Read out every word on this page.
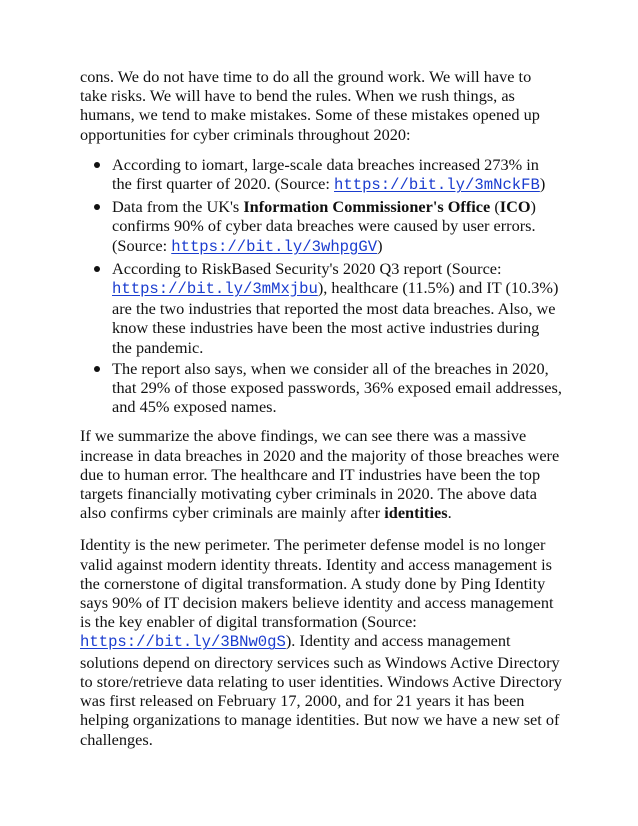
cons. We do not have time to do all the ground work. We will have to take risks. We will have to bend the rules. When we rush things, as humans, we tend to make mistakes. Some of these mistakes opened up opportunities for cyber criminals throughout 2020:

According to iomart, large-scale data breaches increased 273% in the first quarter of 2020. (Source: https://bit.ly/3mNckFB)
Data from the UK's Information Commissioner's Office (ICO) confirms 90% of cyber data breaches were caused by user errors. (Source: https://bit.ly/3whpgGV)
According to RiskBased Security's 2020 Q3 report (Source: https://bit.ly/3mMxjbu), healthcare (11.5%) and IT (10.3%) are the two industries that reported the most data breaches. Also, we know these industries have been the most active industries during the pandemic.
The report also says, when we consider all of the breaches in 2020, that 29% of those exposed passwords, 36% exposed email addresses, and 45% exposed names.

If we summarize the above findings, we can see there was a massive increase in data breaches in 2020 and the majority of those breaches were due to human error. The healthcare and IT industries have been the top targets financially motivating cyber criminals in 2020. The above data also confirms cyber criminals are mainly after identities.

Identity is the new perimeter. The perimeter defense model is no longer valid against modern identity threats. Identity and access management is the cornerstone of digital transformation. A study done by Ping Identity says 90% of IT decision makers believe identity and access management is the key enabler of digital transformation (Source: https://bit.ly/3BNw0gS). Identity and access management solutions depend on directory services such as Windows Active Directory to store/retrieve data relating to user identities. Windows Active Directory was first released on February 17, 2000, and for 21 years it has been helping organizations to manage identities. But now we have a new set of challenges.
